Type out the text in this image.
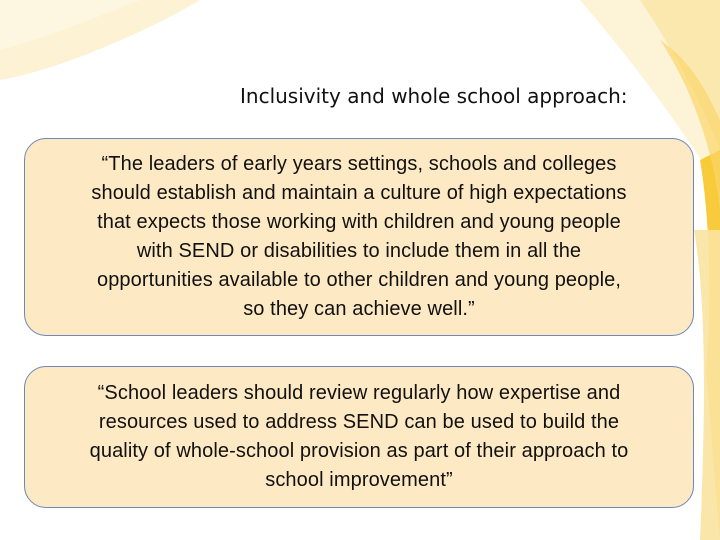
Inclusivity and whole school approach:
“The leaders of early years settings, schools and colleges
should establish and maintain a culture of high expectations
that expects those working with children and young people
with SEND or disabilities to include them in all the
opportunities available to other children and young people,
so they can achieve well.”
“School leaders should review regularly how expertise and
resources used to address SEND can be used to build the
quality of whole-school provision as part of their approach to
school improvement”
